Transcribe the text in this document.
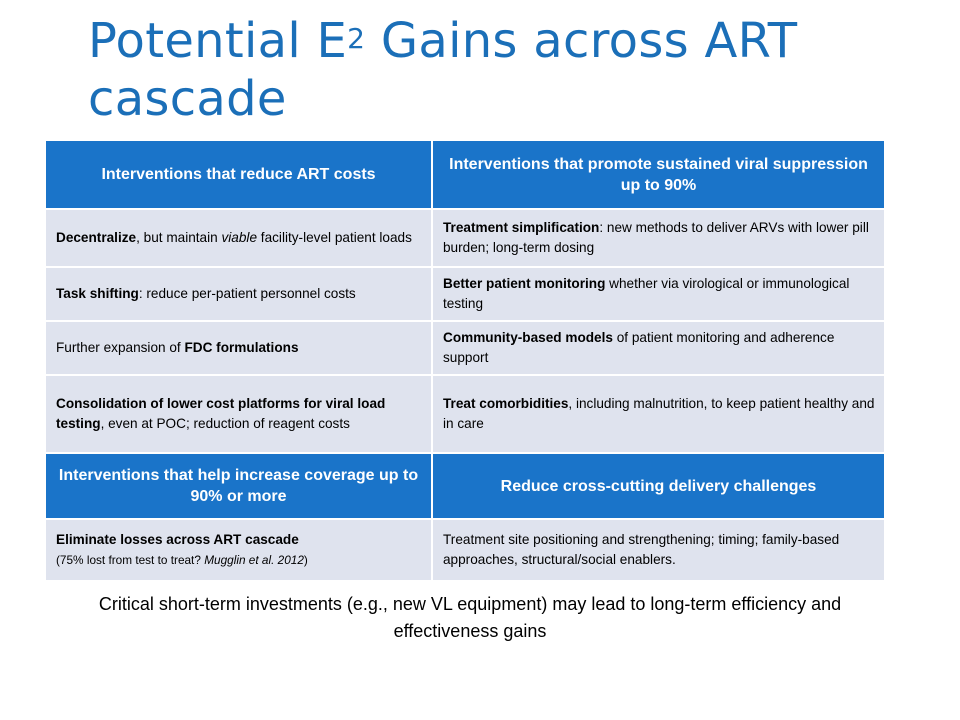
Potential $E^2$ Gains across ART cascade
Interventions that reduce ART costs	Interventions that promote sustained viral suppression up to 90%
Decentralize, but maintain viable facility-level patient loads	Treatment simplification: new methods to deliver ARVs with lower pill burden; long-term dosing
Task shifting: reduce per-patient personnel costs	Better patient monitoring whether via virological or immunological testing
Further expansion of FDC formulations	Community-based models of patient monitoring and adherence support
Consolidation of lower cost platforms for viral load testing, even at POC; reduction of reagent costs	Treat comorbidities, including malnutrition, to keep patient healthy and in care
Interventions that help increase coverage up to 90% or more	Reduce cross-cutting delivery challenges
Eliminate losses across ART cascade
(75% lost from test to treat? Mugglin et al. 2012)	Treatment site positioning and strengthening; timing; family-based approaches, structural/social enablers.
Critical short-term investments (e.g., new VL equipment) may lead to long-term efficiency and effectiveness gains
